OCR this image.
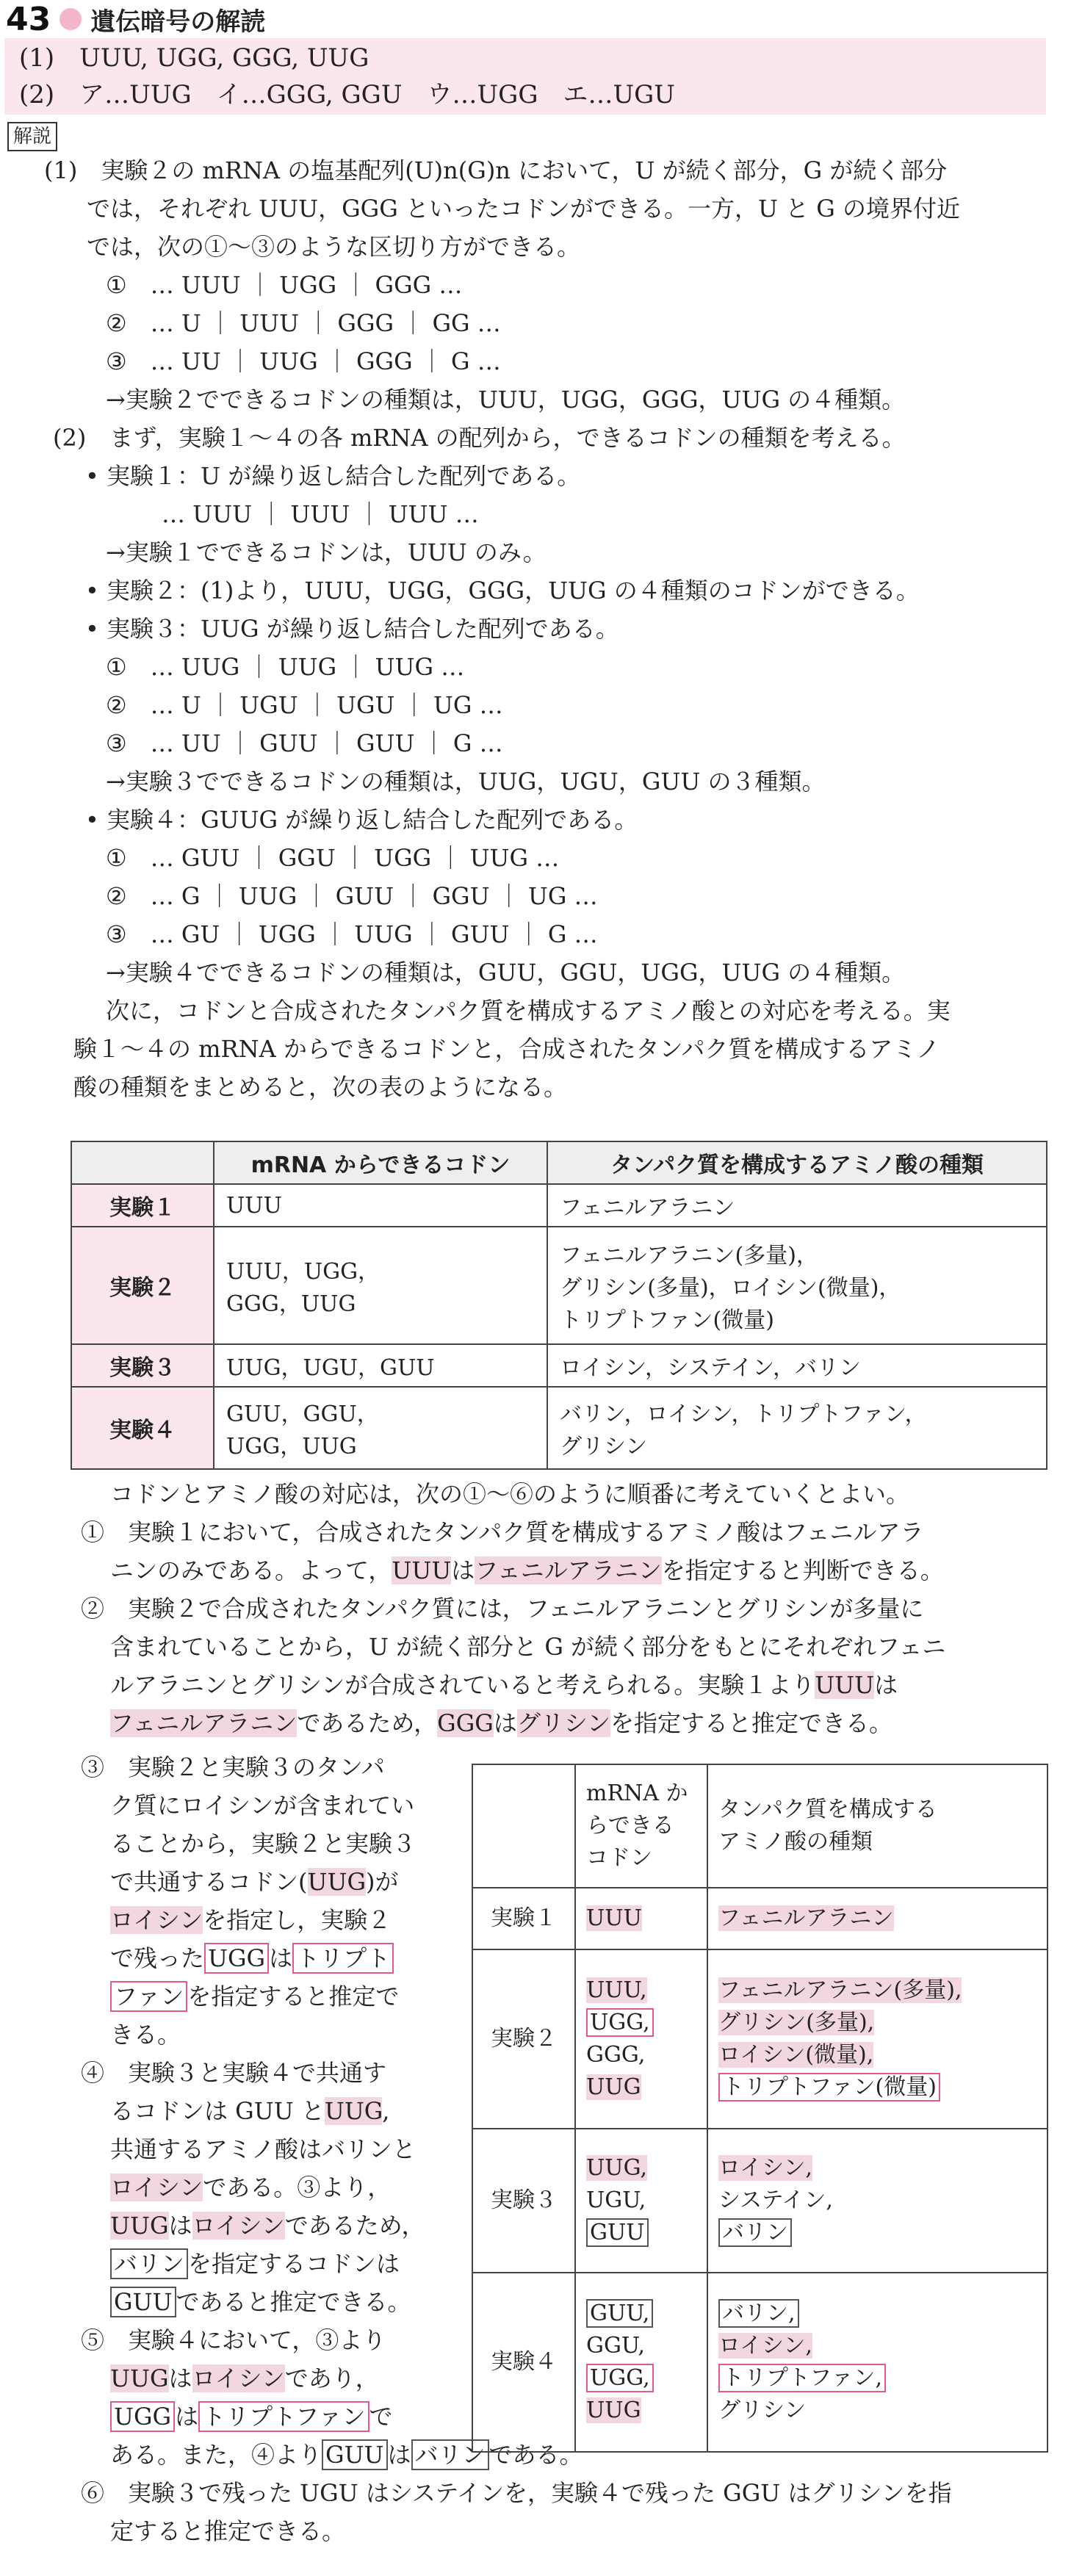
43 遺伝暗号の解読
(1)　 UUU, UGG, GGG, UUG
(2)　 ア…UUG　イ…GGG, GGU　ウ…UGG　エ…UGU
解説
(1)　実験２の mRNA の塩基配列(U)n(G)n において，U が続く部分，G が続く部分
では，それぞれ UUU，GGG といったコドンができる。一方，U と G の境界付近
では，次の①～③のような区切り方ができる。
①　… UUU ｜ UGG ｜ GGG …
②　… U ｜ UUU ｜ GGG ｜ GG …
③　… UU ｜ UUG ｜ GGG ｜ G …
→実験２でできるコドンの種類は，UUU，UGG，GGG，UUG の４種類。
(2)　まず，実験１～４の各 mRNA の配列から，できるコドンの種類を考える。
• 実験１：U が繰り返し結合した配列である。
… UUU ｜ UUU ｜ UUU …
→実験１でできるコドンは，UUU のみ。
• 実験２：(1)より，UUU，UGG，GGG，UUG の４種類のコドンができる。
• 実験３：UUG が繰り返し結合した配列である。
①　… UUG ｜ UUG ｜ UUG …
②　… U ｜ UGU ｜ UGU ｜ UG …
③　… UU ｜ GUU ｜ GUU ｜ G …
→実験３でできるコドンの種類は，UUG，UGU，GUU の３種類。
• 実験４：GUUG が繰り返し結合した配列である。
①　… GUU ｜ GGU ｜ UGG ｜ UUG …
②　… G ｜ UUG ｜ GUU ｜ GGU ｜ UG …
③　… GU ｜ UGG ｜ UUG ｜ GUU ｜ G …
→実験４でできるコドンの種類は，GUU，GGU，UGG，UUG の４種類。
次に，コドンと合成されたタンパク質を構成するアミノ酸との対応を考える。実
験１～４の mRNA からできるコドンと，合成されたタンパク質を構成するアミノ
酸の種類をまとめると，次の表のようになる。
	mRNA からできるコドン	タンパク質を構成するアミノ酸の種類
実験１	UUU	フェニルアラニン

実験２	UUU，UGG，
GGG，UUG	フェニルアラニン(多量)，
グリシン(多量)，ロイシン(微量)，
トリプトファン(微量)

実験３	UUG，UGU，GUU	ロイシン，システイン，バリン

実験４	GUU，GGU，
UGG，UUG	バリン，ロイシン，トリプトファン，
グリシン
コドンとアミノ酸の対応は，次の①～⑥のように順番に考えていくとよい。
①　実験１において，合成されたタンパク質を構成するアミノ酸はフェニルアラ
ニンのみである。よって，UUUはフェニルアラニンを指定すると判断できる。
②　実験２で合成されたタンパク質には，フェニルアラニンとグリシンが多量に
含まれていることから，U が続く部分と G が続く部分をもとにそれぞれフェニ
ルアラニンとグリシンが合成されていると考えられる。実験１よりUUUは
フェニルアラニンであるため，GGGはグリシンを指定すると推定できる。
③　実験２と実験３のタンパ
ク質にロイシンが含まれてい
ることから，実験２と実験３
で共通するコドン(UUG)が
ロイシンを指定し，実験２
で残った UGG は トリプト
ファン を指定すると推定で
きる。
④　実験３と実験４で共通す
るコドンは GUU とUUG,
共通するアミノ酸はバリンと
ロイシンである。③より，
UUGはロイシンであるため，
バリン を指定するコドンは
GUU であると推定できる。
⑤　実験４において，③より
UUGはロイシンであり，
UGG は トリプトファン で
ある。また，④より GUU は バリン である。
⑥　実験３で残った UGU はシステインを，実験４で残った GGU はグリシンを指
定すると推定できる。

	mRNA か
らできる
コドン	タンパク質を構成する
アミノ酸の種類

実験１	UUU	フェニルアラニン
実験２	UUU,
UGG,
GGG,
UUG	フェニルアラニン(多量),
グリシン(多量),
ロイシン(微量),
トリプトファン(微量)

実験３	UUG,
UGU,
GUU	ロイシン,
システイン,
バリン

実験４	GUU,
GGU,
UGG,
UUG	バリン,
ロイシン,
トリプトファン,
グリシン
